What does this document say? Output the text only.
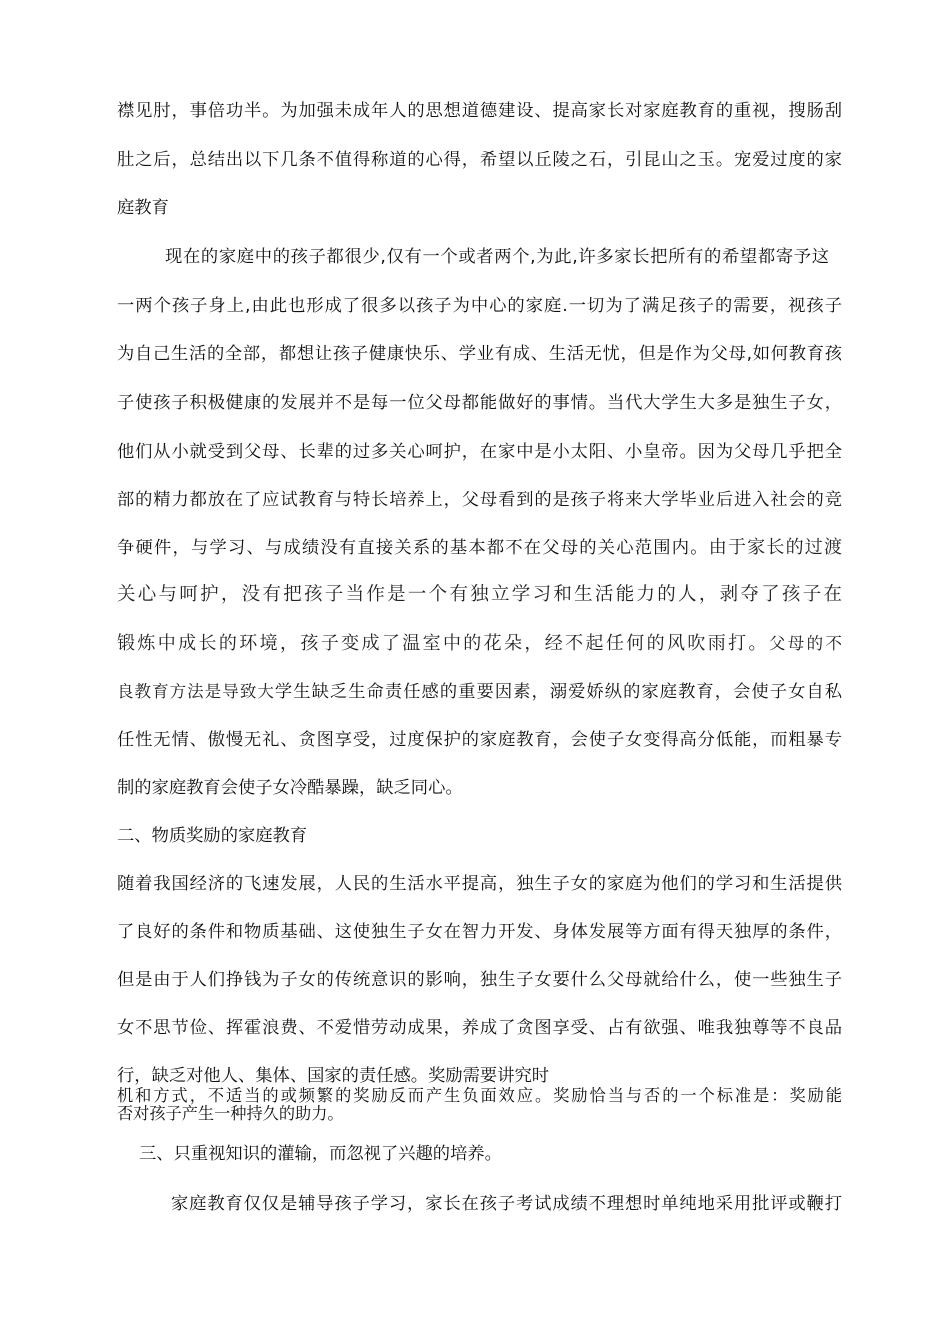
襟见肘，事倍功半。为加强未成年人的思想道德建设、提高家长对家庭教育的重视，搜肠刮
肚之后，总结出以下几条不值得称道的心得，希望以丘陵之石，引昆山之玉。宠爱过度的家
庭教育
现在的家庭中的孩子都很少,仅有一个或者两个,为此,许多家长把所有的希望都寄予这
一两个孩子身上,由此也形成了很多以孩子为中心的家庭.一切为了满足孩子的需要，视孩子
为自己生活的全部，都想让孩子健康快乐、学业有成、生活无忧，但是作为父母,如何教育孩
子使孩子积极健康的发展并不是每一位父母都能做好的事情。当代大学生大多是独生子女，
他们从小就受到父母、长辈的过多关心呵护，在家中是小太阳、小皇帝。因为父母几乎把全
部的精力都放在了应试教育与特长培养上，父母看到的是孩子将来大学毕业后进入社会的竞
争硬件，与学习、与成绩没有直接关系的基本都不在父母的关心范围内。由于家长的过渡
关心与呵护，没有把孩子当作是一个有独立学习和生活能力的人，剥夺了孩子在
锻炼中成长的环境，孩子变成了温室中的花朵，经不起任何的风吹雨打。父母的不
良教育方法是导致大学生缺乏生命责任感的重要因素，溺爱娇纵的家庭教育，会使子女自私
任性无情、傲慢无礼、贪图享受，过度保护的家庭教育，会使子女变得高分低能，而粗暴专
制的家庭教育会使子女冷酷暴躁，缺乏同心。
二、物质奖励的家庭教育
随着我国经济的飞速发展，人民的生活水平提高，独生子女的家庭为他们的学习和生活提供
了良好的条件和物质基础、这使独生子女在智力开发、身体发展等方面有得天独厚的条件，
但是由于人们挣钱为子女的传统意识的影响，独生子女要什么父母就给什么，使一些独生子
女不思节俭、挥霍浪费、不爱惜劳动成果，养成了贪图享受、占有欲强、唯我独尊等不良品
行，缺乏对他人、集体、国家的责任感。奖励需要讲究时
机和方式，不适当的或频繁的奖励反而产生负面效应。奖励恰当与否的一个标准是：奖励能
否对孩子产生一种持久的助力。
三、只重视知识的灌输，而忽视了兴趣的培养。
家庭教育仅仅是辅导孩子学习，家长在孩子考试成绩不理想时单纯地采用批评或鞭打
